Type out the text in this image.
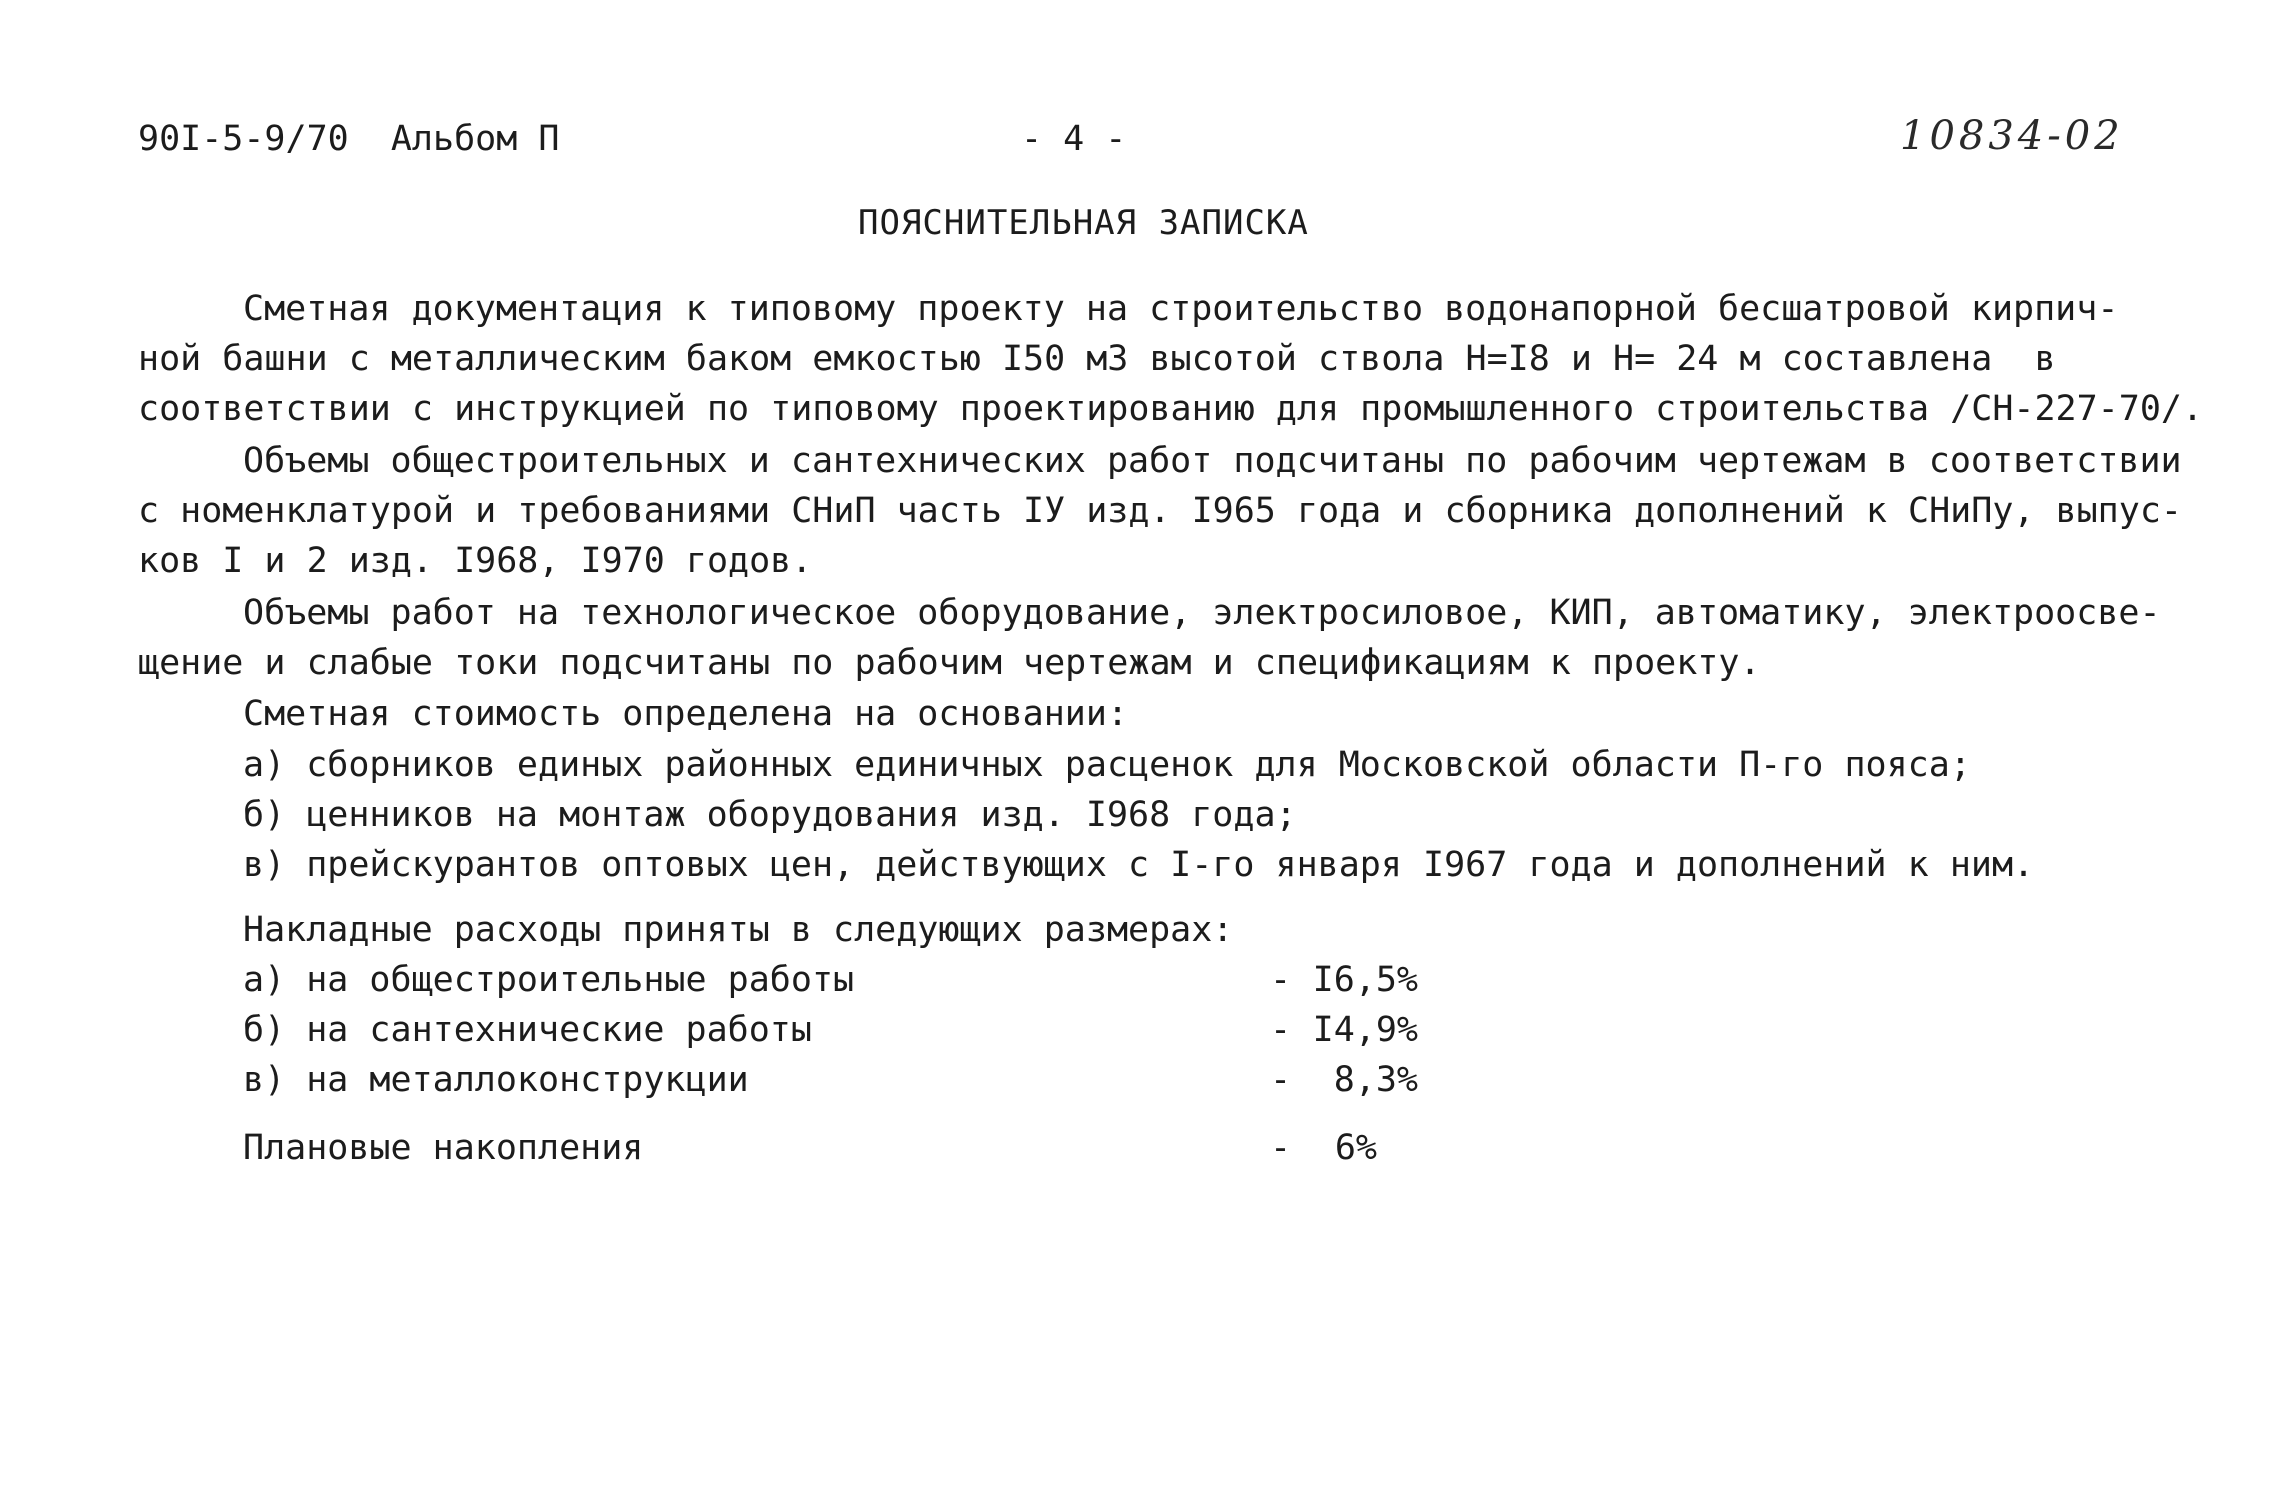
90I-5-9/70  Альбом П	- 4 -	10834-02
ПОЯСНИТЕЛЬНАЯ ЗАПИСКА
Сметная документация к типовому проекту на строительство водонапорной бесшатровой кирпич-
ной башни с металлическим баком емкостью I50 м3 высотой ствола Н=I8 и Н= 24 м составлена  в
соответствии с инструкцией по типовому проектированию для промышленного строительства /СН-227-70/.
Объемы общестроительных и сантехнических работ подсчитаны по рабочим чертежам в соответствии
с номенклатурой и требованиями СНиП часть IУ изд. I965 года и сборника дополнений к СНиПу, выпус-
ков I и 2 изд. I968, I970 годов.
Объемы работ на технологическое оборудование, электросиловое, КИП, автоматику, электроосве-
щение и слабые токи подсчитаны по рабочим чертежам и спецификациям к проекту.
Сметная стоимость определена на основании:
а) сборников единых районных единичных расценок для Московской области П-го пояса;
б) ценников на монтаж оборудования изд. I968 года;
в) прейскурантов оптовых цен, действующих с I-го января I967 года и дополнений к ним.
Накладные расходы приняты в следующих размерах:
а) на общестроительные работы	- I6,5%
б) на сантехнические работы	- I4,9%
в) на металлоконструкции	-	8,3%
Плановые накопления	-	6%
